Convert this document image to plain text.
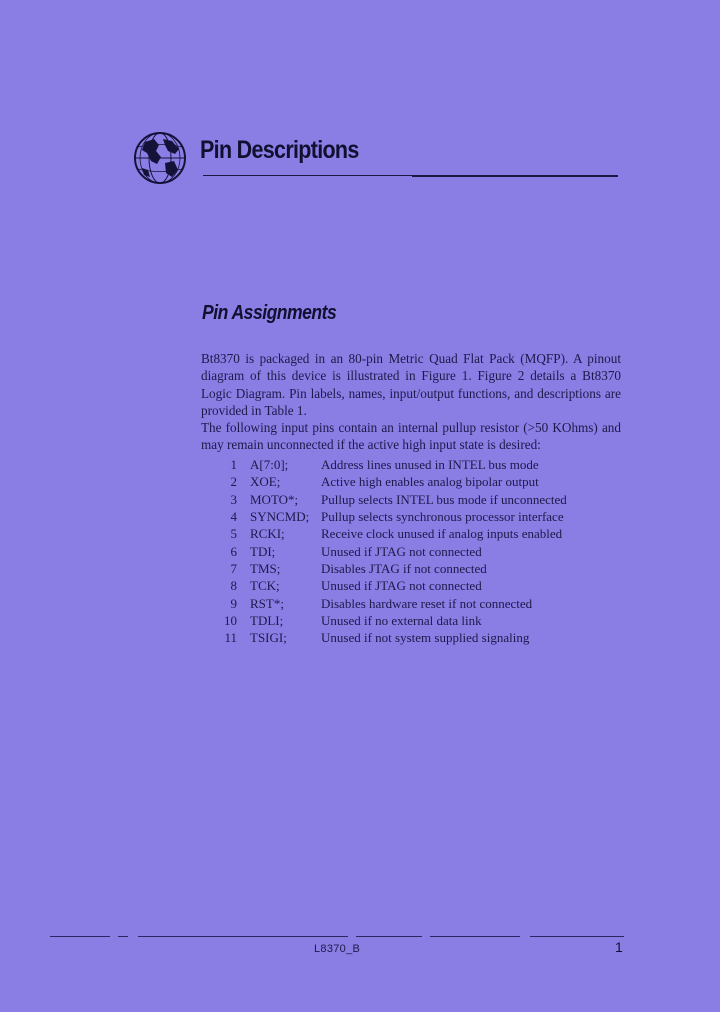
Pin Descriptions
Pin Assignments

Bt8370 is packaged in an 80-pin Metric Quad Flat Pack (MQFP). A pinout diagram of this device is illustrated in Figure 1. Figure 2 details a Bt8370 Logic Diagram. Pin labels, names, input/output functions, and descriptions are provided in Table 1.

The following input pins contain an internal pullup resistor (>50 KOhms) and may remain unconnected if the active high input state is desired:

1 A[7:0];	Address lines unused in INTEL bus mode
2 XOE;	Active high enables analog bipolar output
3 MOTO*;	Pullup selects INTEL bus mode if unconnected
4 SYNCMD; Pullup selects synchronous processor interface
5 RCKI;	Receive clock unused if analog inputs enabled
6 TDI;	Unused if JTAG not connected
7 TMS;	Disables JTAG if not connected
8 TCK;	Unused if JTAG not connected
9 RST*;	Disables hardware reset if not connected
10 TDLI;	Unused if no external data link
11 TSIGI;	Unused if not system supplied signaling
L8370_B	1
